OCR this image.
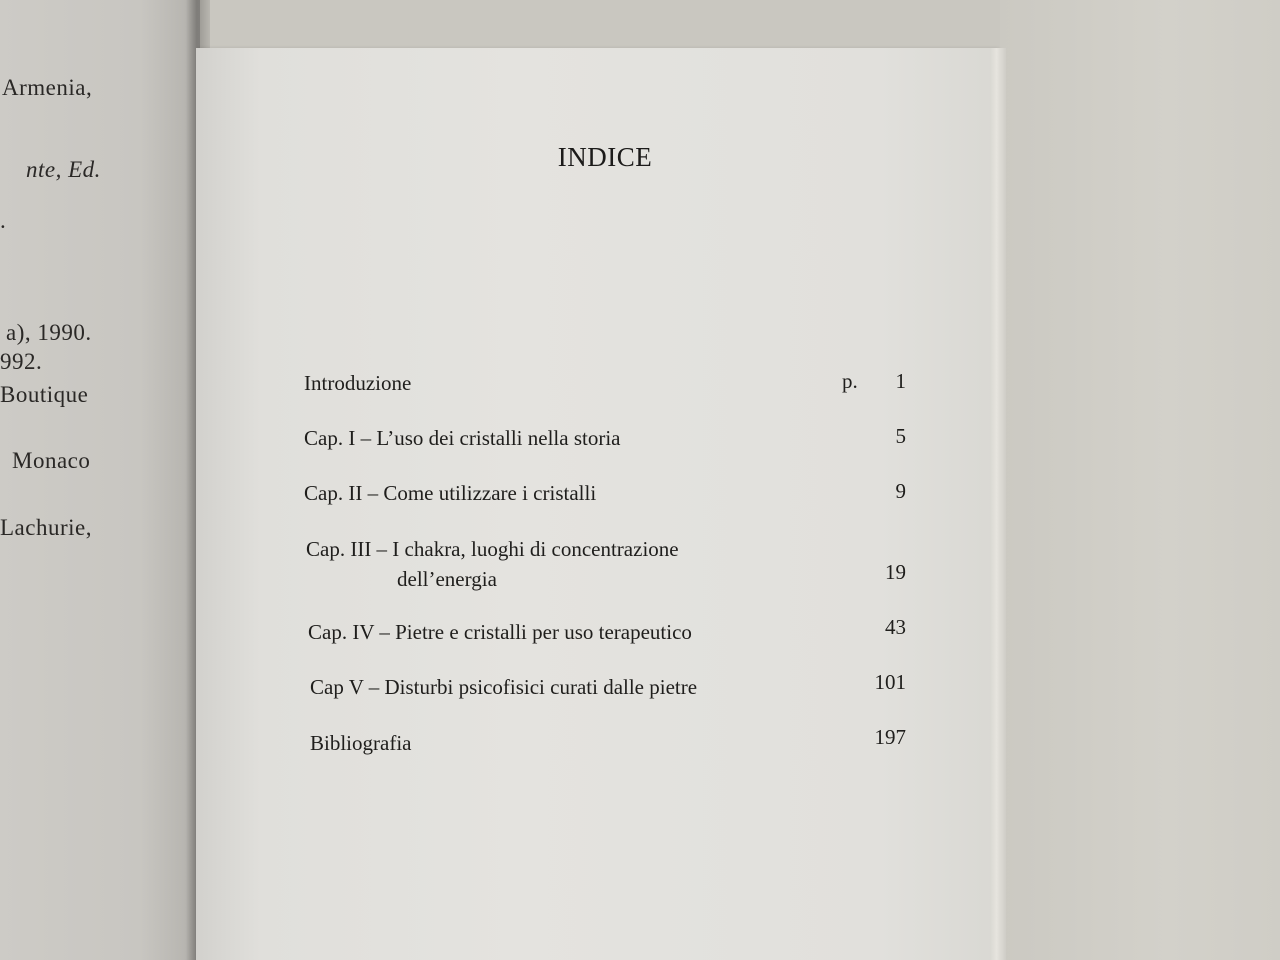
Armenia,
nte, Ed.
.
a), 1990.
992.
Boutique
Monaco
Lachurie,
INDICE
Introduzione	p.	1
Cap. I – L’uso dei cristalli nella storia	5
Cap. II – Come utilizzare i cristalli	9
Cap. III – I chakra, luoghi di concentrazione
dell’energia	19
Cap. IV – Pietre e cristalli per uso terapeutico	43
Cap V – Disturbi psicofisici curati dalle pietre	101
Bibliografia	197
